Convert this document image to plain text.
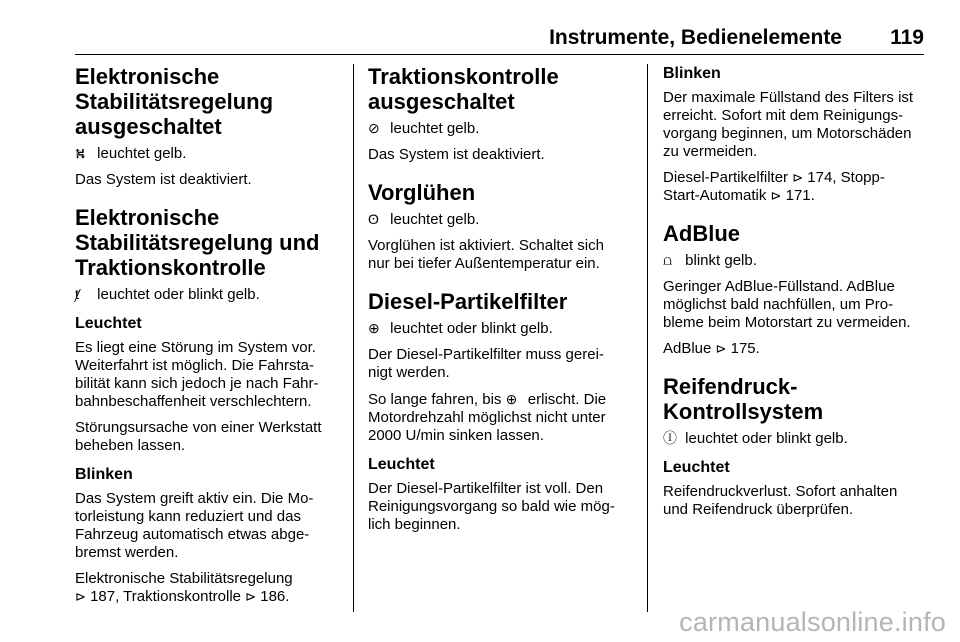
Instrumente, Bedienelemente 119
Elektronische
Stabilitätsregelung
ausgeschaltet

⛕ leuchtet gelb.

Das System ist deaktiviert.

Elektronische
Stabilitätsregelung und
Traktionskontrolle

ⱦ leuchtet oder blinkt gelb.

Leuchtet

Es liegt eine Störung im System vor.
Weiterfahrt ist möglich. Die Fahrsta-
bilität kann sich jedoch je nach Fahr-
bahnbeschaffenheit verschlechtern.

Störungsursache von einer Werkstatt
beheben lassen.

Blinken

Das System greift aktiv ein. Die Mo-
torleistung kann reduziert und das
Fahrzeug automatisch etwas abge-
bremst werden.

Elektronische Stabilitätsregelung
⊳ 187, Traktionskontrolle ⊳ 186.

Traktionskontrolle
ausgeschaltet

⊘ leuchtet gelb.

Das System ist deaktiviert.

Vorglühen

ʘ leuchtet gelb.

Vorglühen ist aktiviert. Schaltet sich
nur bei tiefer Außentemperatur ein.

Diesel-Partikelfilter

⊕ leuchtet oder blinkt gelb.

Der Diesel-Partikelfilter muss gerei-
nigt werden.

So lange fahren, bis ⊕ erlischt. Die
Motordrehzahl möglichst nicht unter
2000 U/min sinken lassen.

Leuchtet

Der Diesel-Partikelfilter ist voll. Den
Reinigungsvorgang so bald wie mög-
lich beginnen.

Blinken

Der maximale Füllstand des Filters ist
erreicht. Sofort mit dem Reinigungs-
vorgang beginnen, um Motorschäden
zu vermeiden.

Diesel-Partikelfilter ⊳ 174, Stopp-
Start-Automatik ⊳ 171.

AdBlue

⩍ blinkt gelb.

Geringer AdBlue-Füllstand. AdBlue
möglichst bald nachfüllen, um Pro-
bleme beim Motorstart zu vermeiden.

AdBlue ⊳ 175.

Reifendruck-Kontrollsystem

Ⓘ leuchtet oder blinkt gelb.

Leuchtet

Reifendruckverlust. Sofort anhalten
und Reifendruck überprüfen.

carmanualsonline.info
